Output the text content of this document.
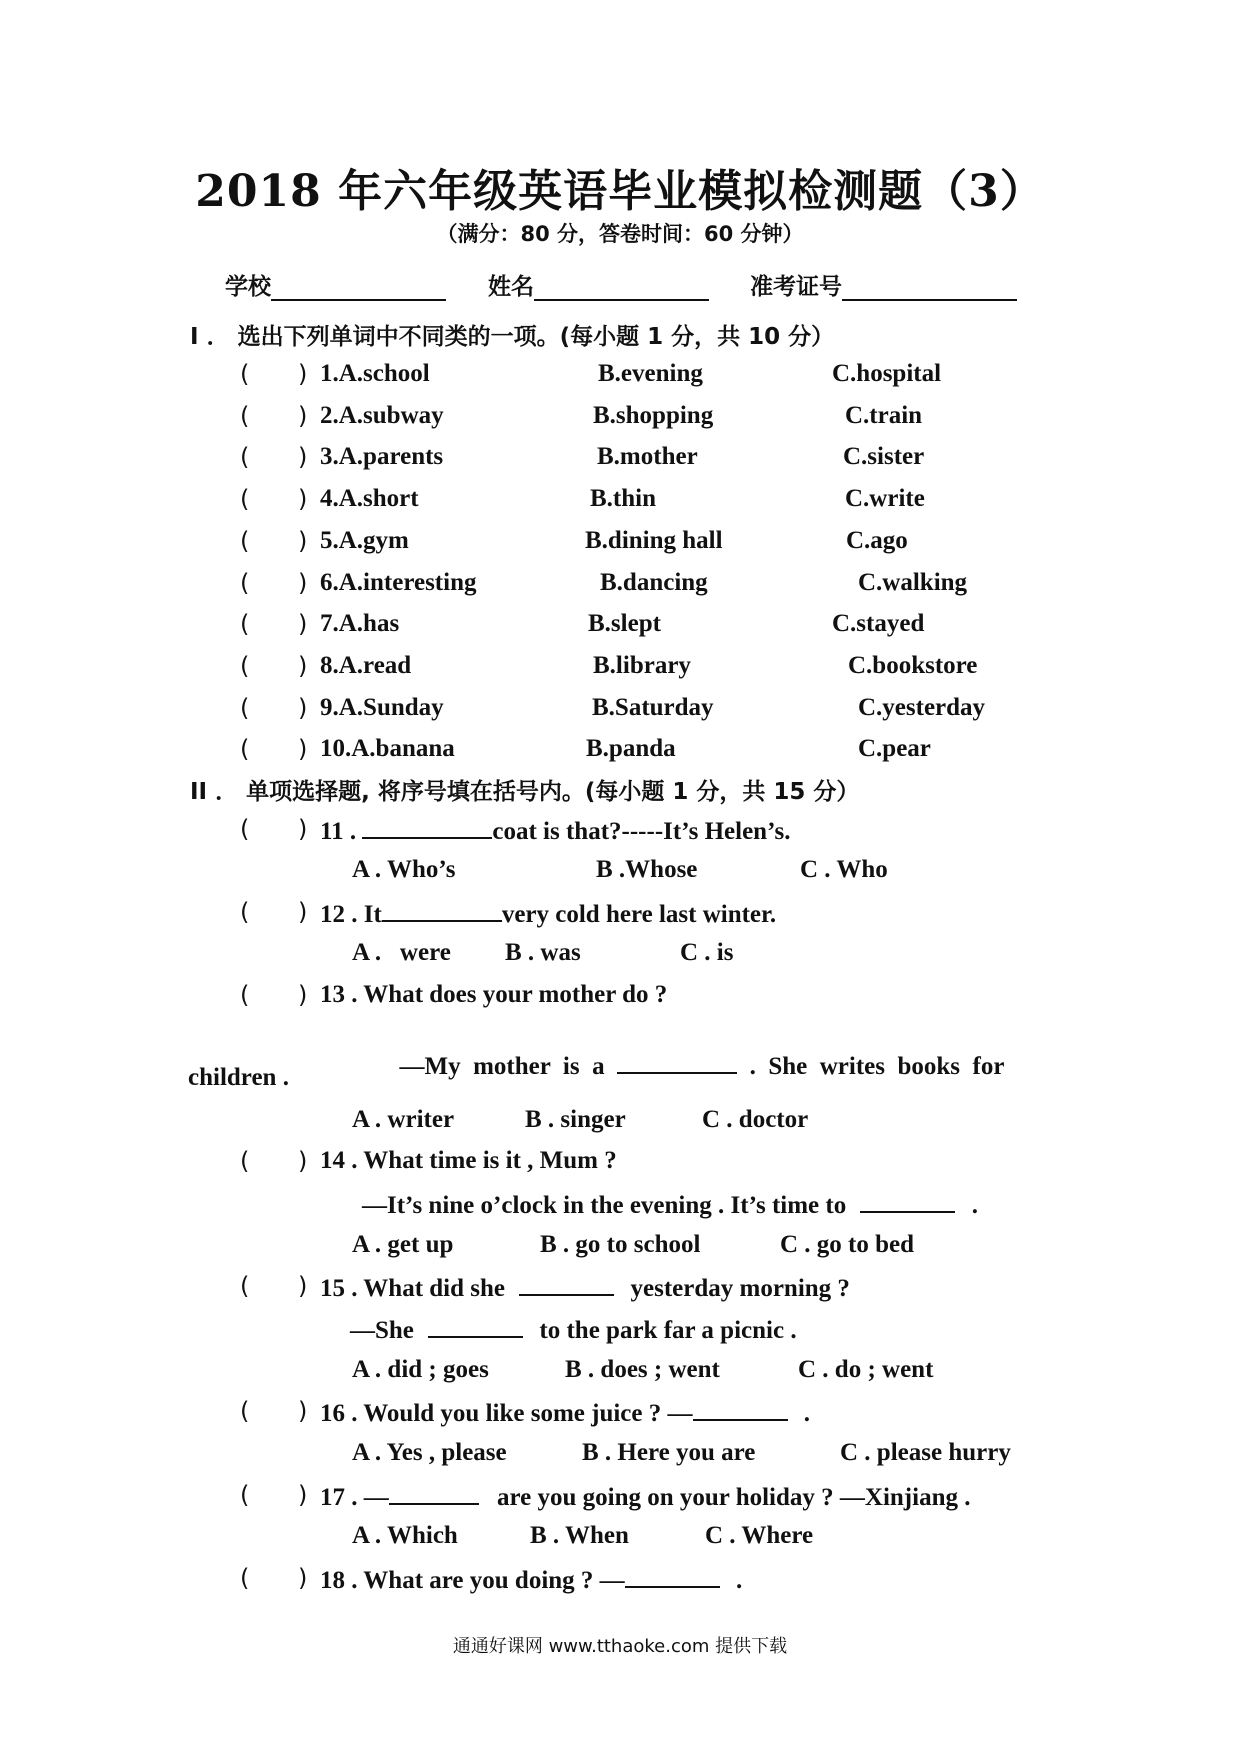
2018 年六年级英语毕业模拟检测题（3）
（满分：80 分，答卷时间：60 分钟）
学校	姓名	准考证号
I ． 选出下列单词中不同类的一项。(每小题 1 分，共 10 分）
( ) 1.A.school	B.evening	C.hospital
( ) 2.A.subway	B.shopping	C.train
( ) 3.A.parents	B.mother	C.sister
( ) 4.A.short	B.thin	C.write
( ) 5.A.gym	B.dining hall	C.ago
( ) 6.A.interesting	B.dancing	C.walking
( ) 7.A.has	B.slept	C.stayed
( ) 8.A.read	B.library	C.bookstore
( ) 9.A.Sunday	B.Saturday	C.yesterday
( ) 10.A.banana	B.panda	C.pear
II ． 单项选择题, 将序号填在括号内。(每小题 1 分，共 15 分）
( ) 11 .	coat is that?-----It’s Helen’s.
A . Who’s	B .Whose	C . Who
( ) 12 . It	very cold here last winter.
A .   were B . was	C . is
( ) 13 . What does your mother do ?

—My  mother  is  a	.  She  writes  books  for

children .
A . writer	B . singer	C . doctor
( ) 14 . What time is it , Mum ?
—It’s nine o’clock in the evening . It’s time to	.
A . get up	B . go to school	C . go to bed
( ) 15 . What did she	yesterday morning ?
—She	to the park far a picnic .
A . did ; goes	B . does ; went	C . do ; went
( ) 16 . Would you like some juice ? —	.
A . Yes , please	B . Here you are	C . please hurry
( ) 17 . —	are you going on your holiday ? —Xinjiang .
A . Which	B . When	C . Where
( ) 18 . What are you doing ? —	.
通通好课网 www.tthaoke.com 提供下载
